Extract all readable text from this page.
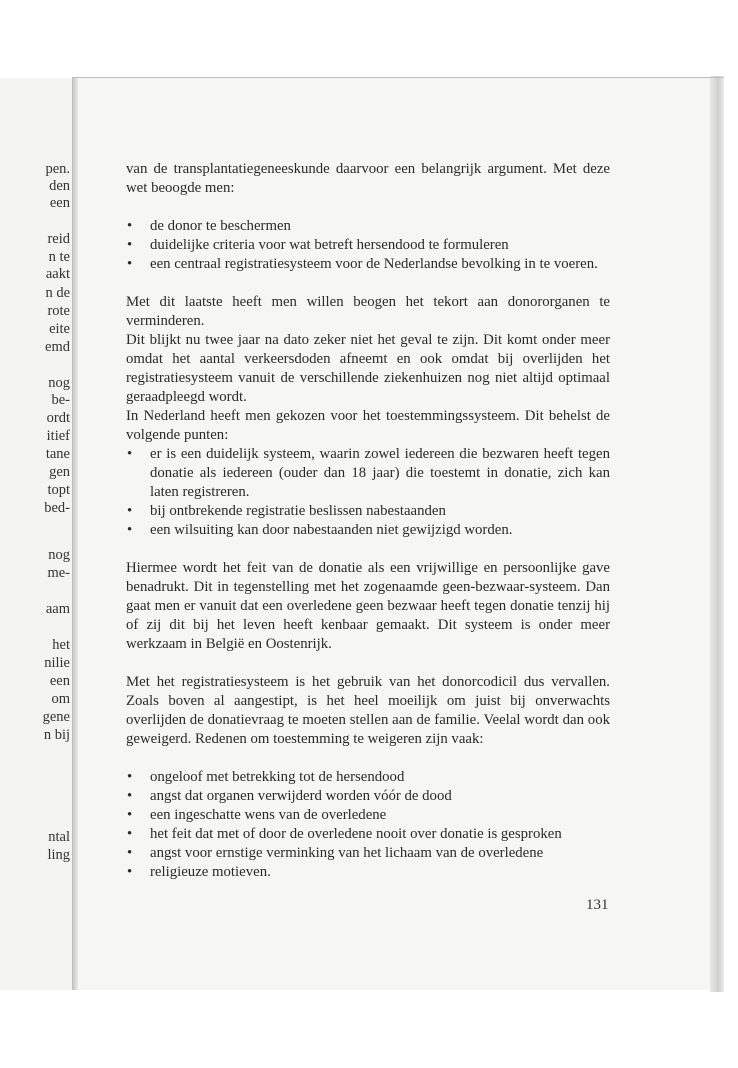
pen.
den
een
reid
n te
aakt
n de
rote
eite
emd
nog
be-
ordt
itief
tane
gen
topt
bed-
nog
me-
aam
het
nilie
een
om
gene
n bij
ntal
ling

van de transplantatiegeneeskunde daarvoor een belangrijk argument. Met deze wet beoogde men:

• de donor te beschermen
• duidelijke criteria voor wat betreft hersendood te formuleren
• een centraal registratiesysteem voor de Nederlandse bevolking in te voeren.

Met dit laatste heeft men willen beogen het tekort aan donororganen te verminderen.

Dit blijkt nu twee jaar na dato zeker niet het geval te zijn. Dit komt onder meer omdat het aantal verkeersdoden afneemt en ook omdat bij overlijden het registratiesysteem vanuit de verschillende ziekenhuizen nog niet altijd optimaal geraadpleegd wordt.

In Nederland heeft men gekozen voor het toestemmingssysteem. Dit behelst de volgende punten:

• er is een duidelijk systeem, waarin zowel iedereen die bezwaren heeft tegen donatie als iedereen (ouder dan 18 jaar) die toestemt in donatie, zich kan laten registreren.
• bij ontbrekende registratie beslissen nabestaanden
• een wilsuiting kan door nabestaanden niet gewijzigd worden.

Hiermee wordt het feit van de donatie als een vrijwillige en persoonlijke gave benadrukt. Dit in tegenstelling met het zogenaamde geen-bezwaar-systeem. Dan gaat men er vanuit dat een overledene geen bezwaar heeft tegen donatie tenzij hij of zij dit bij het leven heeft kenbaar gemaakt. Dit systeem is onder meer werkzaam in België en Oostenrijk.

Met het registratiesysteem is het gebruik van het donorcodicil dus vervallen. Zoals boven al aangestipt, is het heel moeilijk om juist bij onverwachts overlijden de donatievraag te moeten stellen aan de familie. Veelal wordt dan ook geweigerd. Redenen om toestemming te weigeren zijn vaak:

• ongeloof met betrekking tot de hersendood
• angst dat organen verwijderd worden vóór de dood
• een ingeschatte wens van de overledene
• het feit dat met of door de overledene nooit over donatie is gesproken
• angst voor ernstige verminking van het lichaam van de overledene
• religieuze motieven.
131
